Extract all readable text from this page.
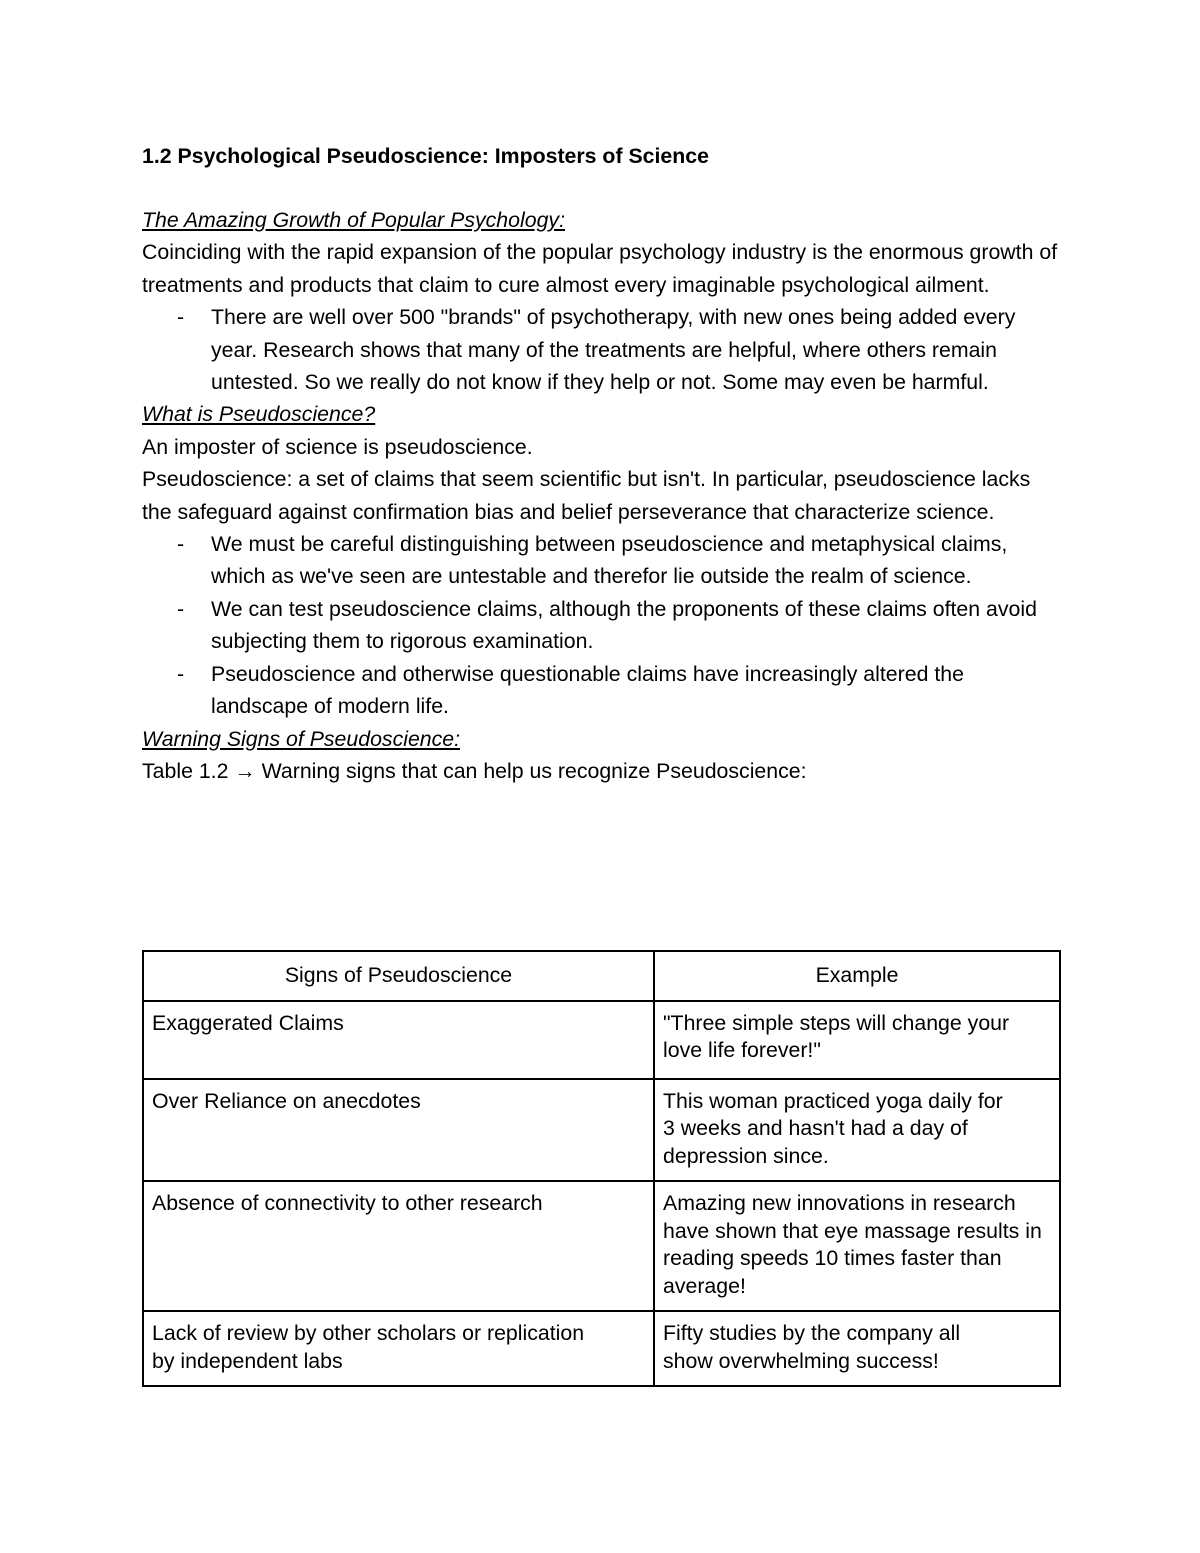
1.2 Psychological Pseudoscience: Imposters of Science

The Amazing Growth of Popular Psychology:

Coinciding with the rapid expansion of the popular psychology industry is the enormous growth of treatments and products that claim to cure almost every imaginable psychological ailment.

- There are well over 500 "brands" of psychotherapy, with new ones being added every year. Research shows that many of the treatments are helpful, where others remain untested. So we really do not know if they help or not. Some may even be harmful.

What is Pseudoscience?

An imposter of science is pseudoscience.

Pseudoscience: a set of claims that seem scientific but isn't. In particular, pseudoscience lacks the safeguard against confirmation bias and belief perseverance that characterize science.

- We must be careful distinguishing between pseudoscience and metaphysical claims, which as we've seen are untestable and therefor lie outside the realm of science.
- We can test pseudoscience claims, although the proponents of these claims often avoid subjecting them to rigorous examination.
- Pseudoscience and otherwise questionable claims have increasingly altered the landscape of modern life.

Warning Signs of Pseudoscience:

Table 1.2 → Warning signs that can help us recognize Pseudoscience:

Signs of Pseudoscience	Example
Exaggerated Claims	"Three simple steps will change your love life forever!"
Over Reliance on anecdotes	This woman practiced yoga daily for 3 weeks and hasn't had a day of depression since.
Absence of connectivity to other research	Amazing new innovations in research have shown that eye massage results in reading speeds 10 times faster than average!
Lack of review by other scholars or replication by independent labs	Fifty studies by the company all show overwhelming success!
